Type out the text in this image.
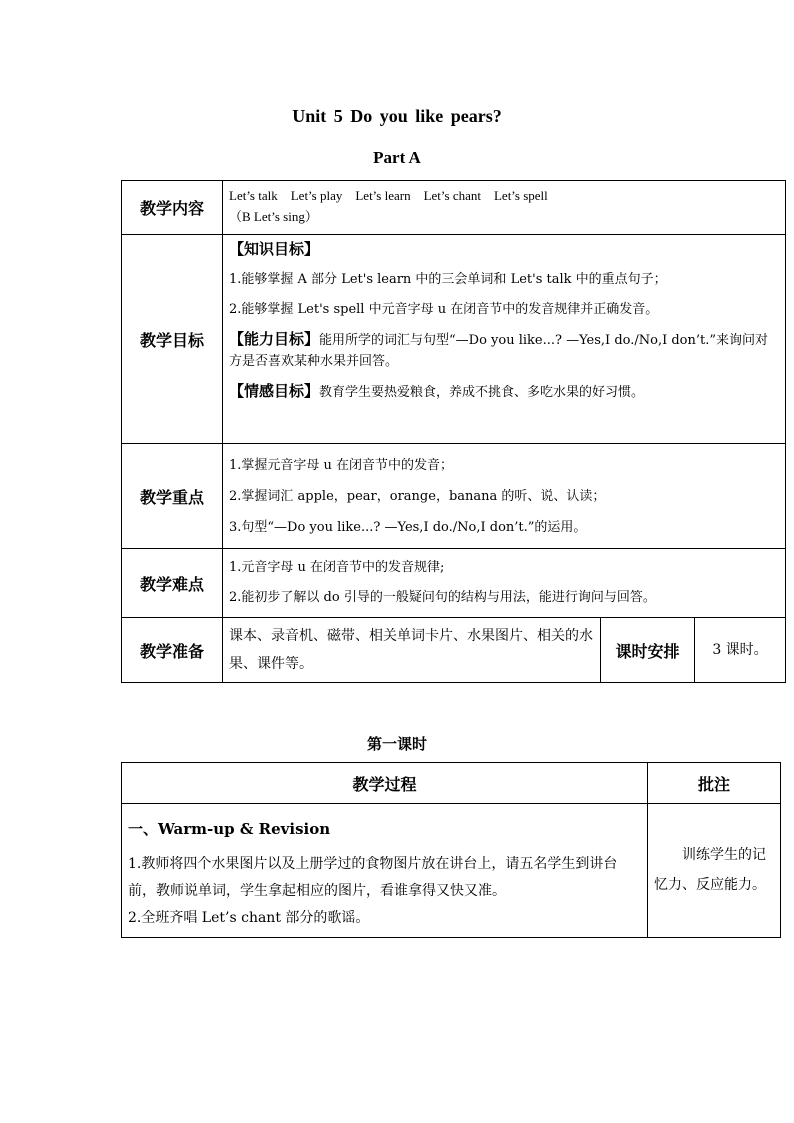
Unit 5 Do you like pears?
Part A
教学内容	Let’s talk    Let’s play    Let’s learn    Let’s chant    Let’s spell

（B Let’s sing）		

教学目标	【知识目标】

1.能够掌握 A 部分 Let's learn 中的三会单词和 Let's talk 中的重点句子；

2.能够掌握 Let's spell 中元音字母 u 在闭音节中的发音规律并正确发音。

【能力目标】能用所学的词汇与句型“—Do you like...? —Yes,I do./No,I don’t.”来询问对方是否喜欢某种水果并回答。

【情感目标】教育学生要热爱粮食，养成不挑食、多吃水果的好习惯。		

教学重点	1.掌握元音字母 u 在闭音节中的发音；

2.掌握词汇 apple，pear，orange，banana 的听、说、认读；

3.句型“—Do you like...? —Yes,I do./No,I don’t.”的运用。		

教学难点	1.元音字母 u 在闭音节中的发音规律;

2.能初步了解以 do 引导的一般疑问句的结构与用法，能进行询问与回答。		

教学准备	课本、录音机、磁带、相关单词卡片、水果图片、相关的水果、课件等。	课时安排	3 课时。
第一课时
教学过程	批注

一、Warm-up & Revision

1.教师将四个水果图片以及上册学过的食物图片放在讲台上，请五名学生到讲台前，教师说单词，学生拿起相应的图片，看谁拿得又快又准。

2.全班齐唱 Let’s chant 部分的歌谣。	训练学生的记忆力、反应能力。
